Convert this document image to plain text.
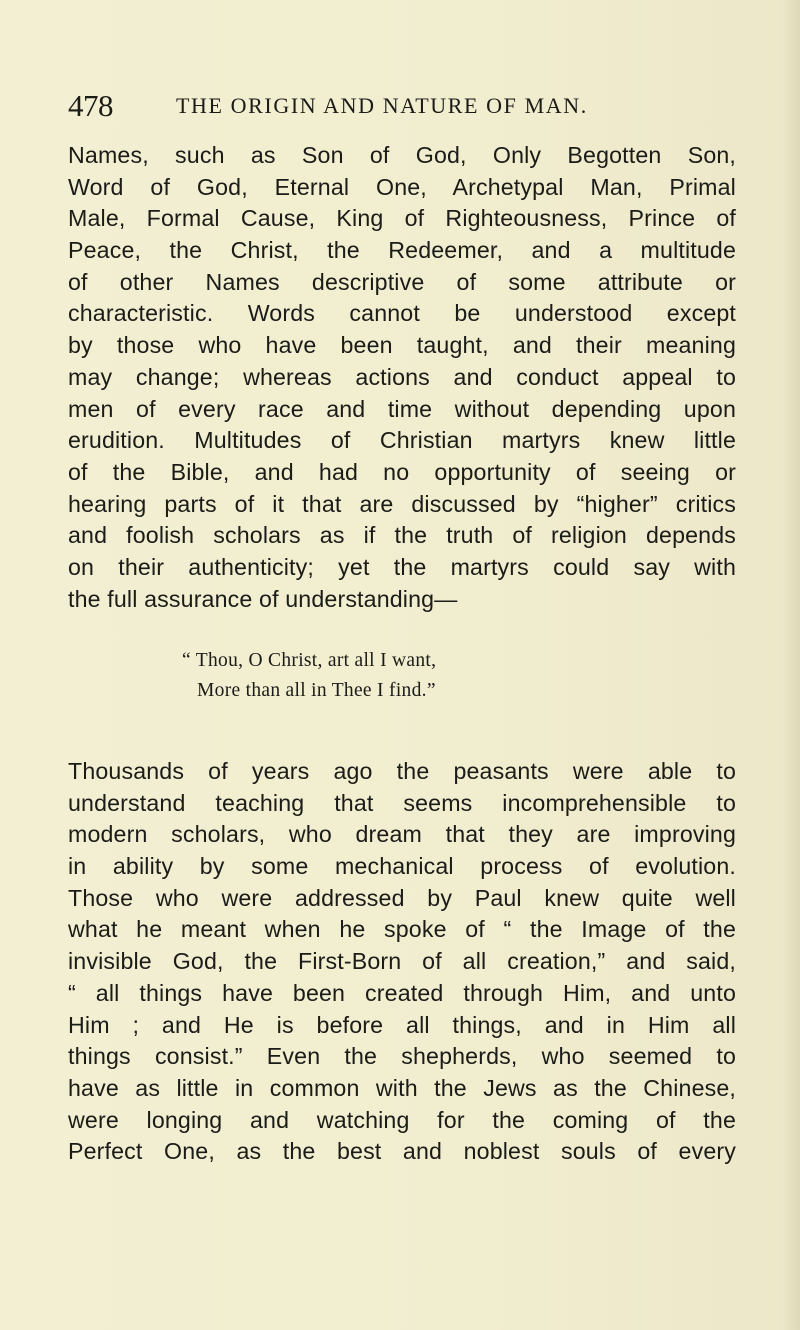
478	THE ORIGIN AND NATURE OF MAN.
Names, such as Son of God, Only Begotten Son,
Word of God, Eternal One, Archetypal Man, Primal
Male, Formal Cause, King of Righteousness, Prince of
Peace, the Christ, the Redeemer, and a multitude
of other Names descriptive of some attribute or
characteristic. Words cannot be understood except
by those who have been taught, and their meaning
may change; whereas actions and conduct appeal to
men of every race and time without depending upon
erudition. Multitudes of Christian martyrs knew little
of the Bible, and had no opportunity of seeing or
hearing parts of it that are discussed by “higher” critics
and foolish scholars as if the truth of religion depends
on their authenticity; yet the martyrs could say with
the full assurance of understanding—
“ Thou, O Christ, art all I want,
More than all in Thee I find.”
Thousands of years ago the peasants were able to
understand teaching that seems incomprehensible to
modern scholars, who dream that they are improving
in ability by some mechanical process of evolution.
Those who were addressed by Paul knew quite well
what he meant when he spoke of “ the Image of the
invisible God, the First-Born of all creation,” and said,
“ all things have been created through Him, and unto
Him ; and He is before all things, and in Him all
things consist.” Even the shepherds, who seemed to
have as little in common with the Jews as the Chinese,
were longing and watching for the coming of the
Perfect One, as the best and noblest souls of every
